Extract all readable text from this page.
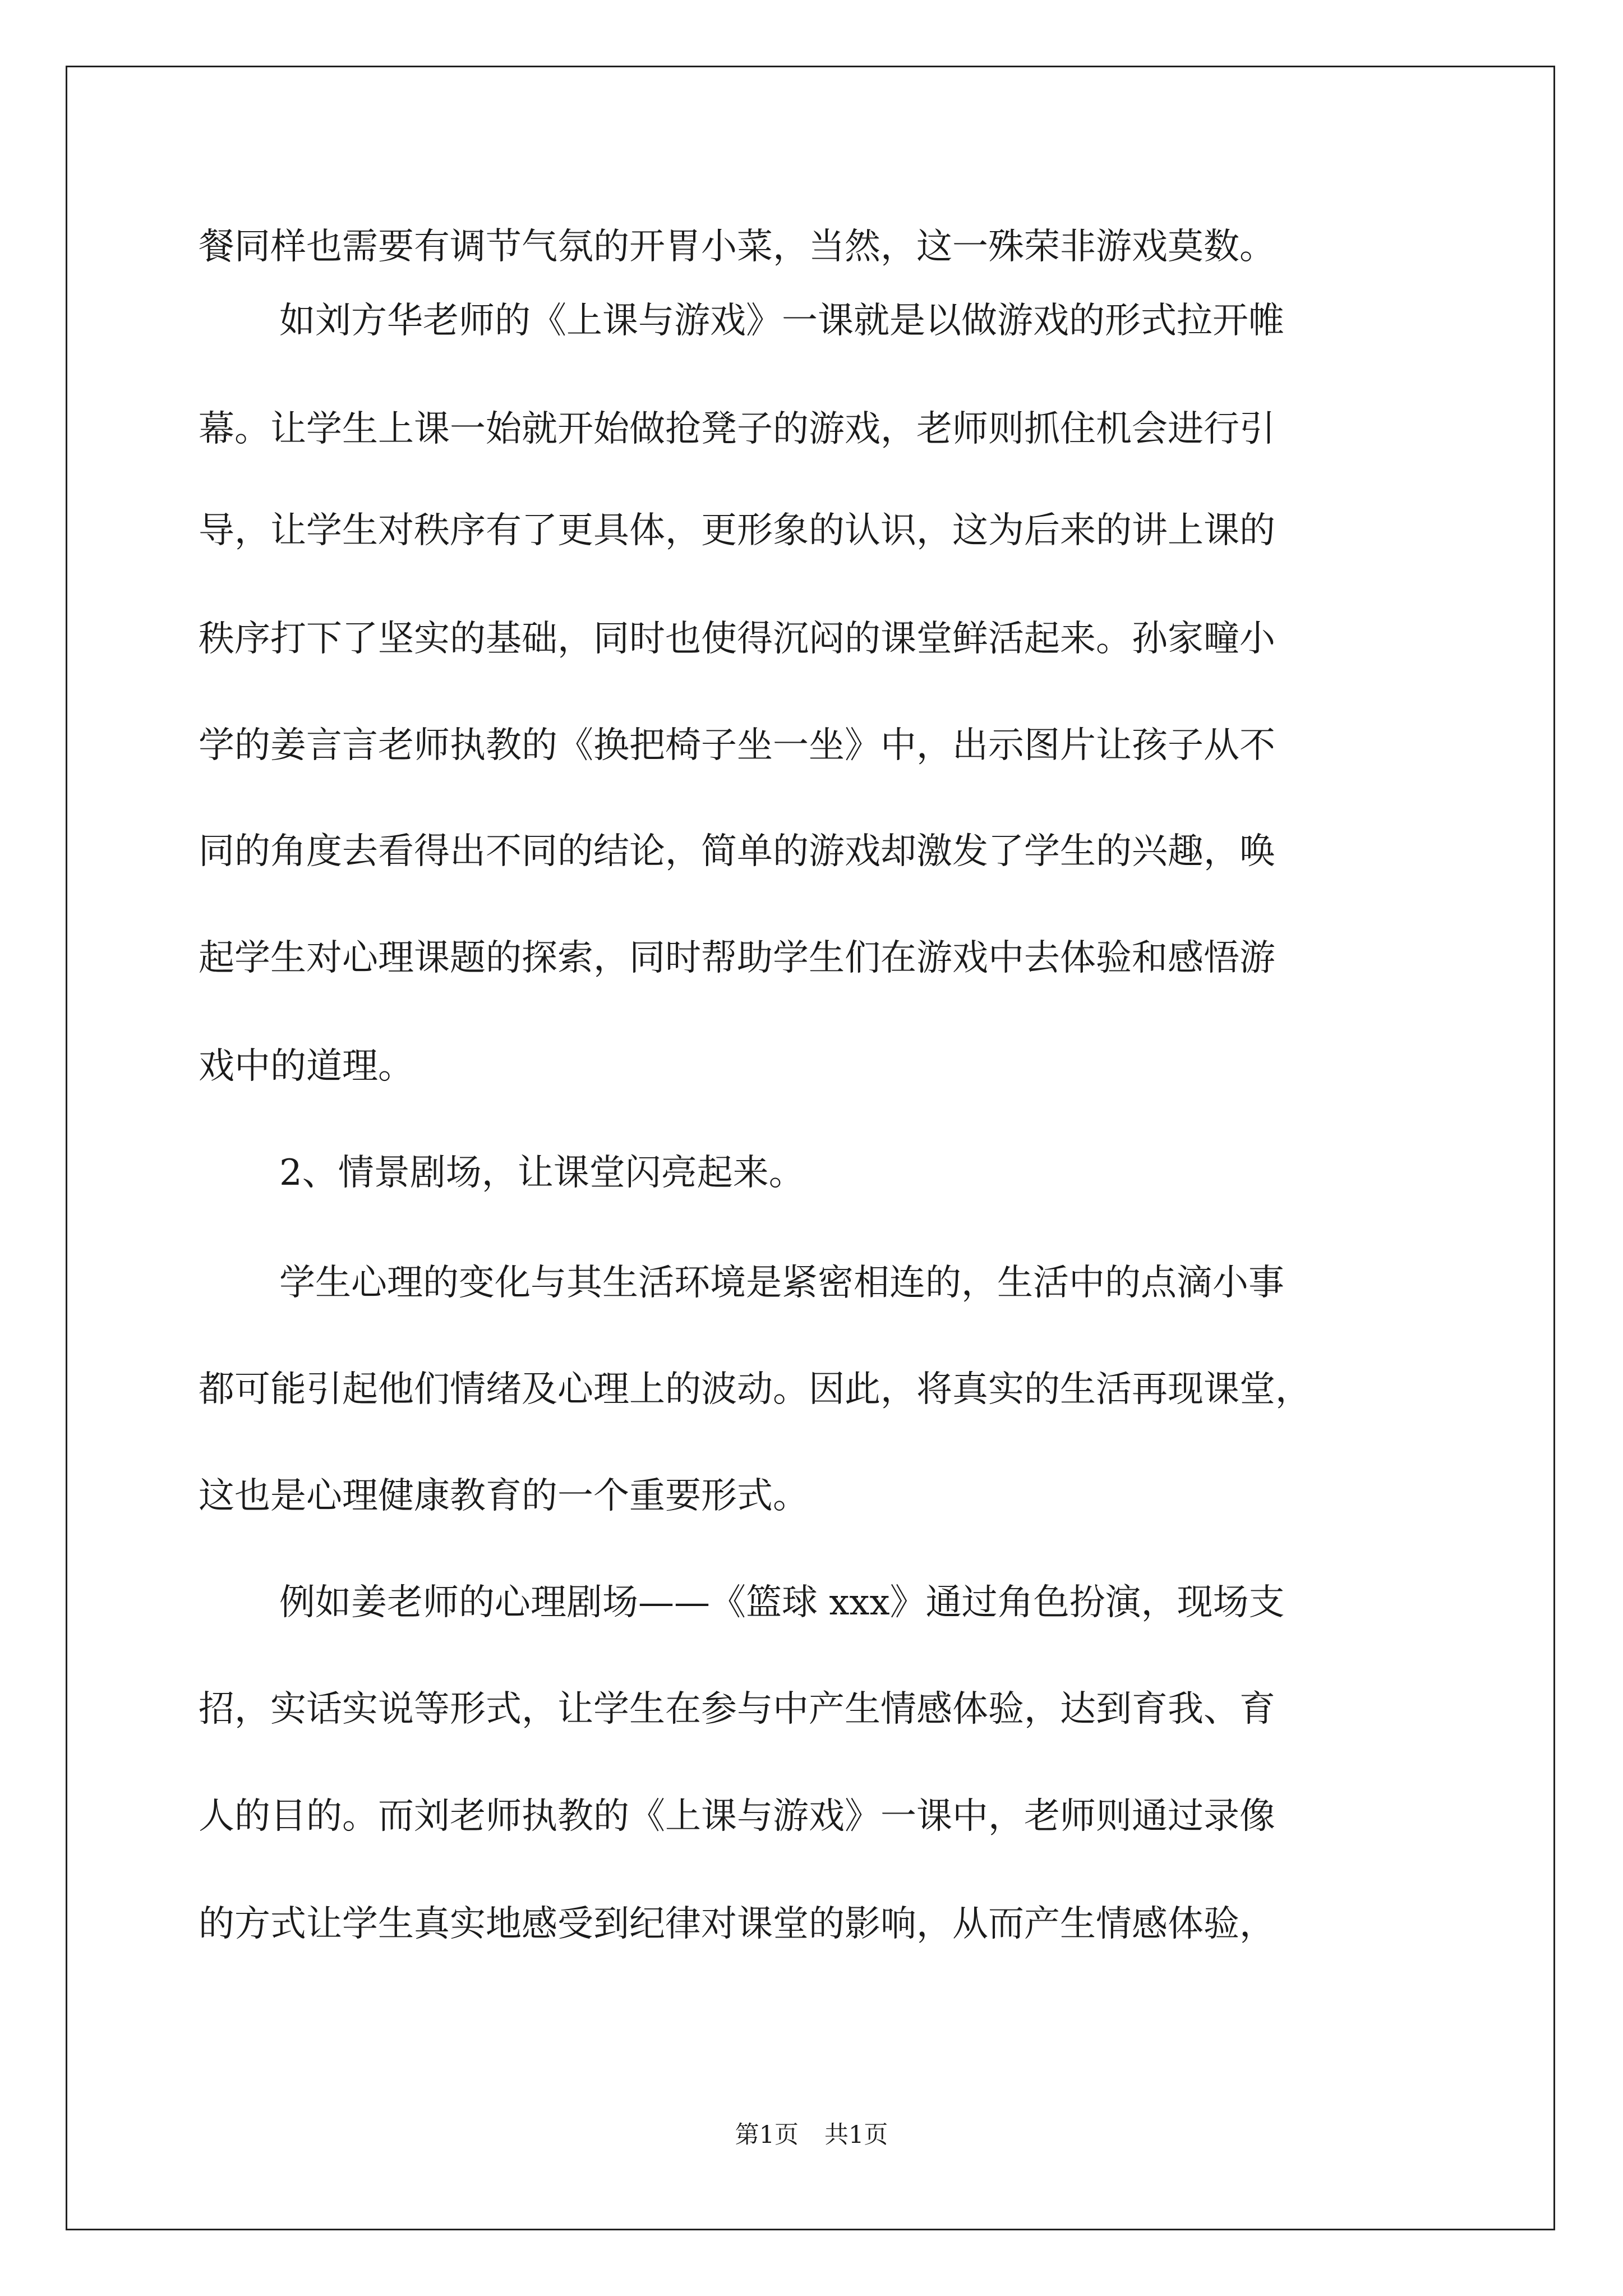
餐同样也需要有调节气氛的开胃小菜，当然，这一殊荣非游戏莫数。
如刘方华老师的《上课与游戏》一课就是以做游戏的形式拉开帷
幕。让学生上课一始就开始做抢凳子的游戏，老师则抓住机会进行引
导，让学生对秩序有了更具体，更形象的认识，这为后来的讲上课的
秩序打下了坚实的基础，同时也使得沉闷的课堂鲜活起来。孙家疃小
学的姜言言老师执教的《换把椅子坐一坐》中，出示图片让孩子从不
同的角度去看得出不同的结论，简单的游戏却激发了学生的兴趣，唤
起学生对心理课题的探索，同时帮助学生们在游戏中去体验和感悟游
戏中的道理。
2、情景剧场，让课堂闪亮起来。
学生心理的变化与其生活环境是紧密相连的，生活中的点滴小事
都可能引起他们情绪及心理上的波动。因此，将真实的生活再现课堂，
这也是心理健康教育的一个重要形式。
例如姜老师的心理剧场——《篮球 xxx》通过角色扮演，现场支
招，实话实说等形式，让学生在参与中产生情感体验，达到育我、育
人的目的。而刘老师执教的《上课与游戏》一课中，老师则通过录像
的方式让学生真实地感受到纪律对课堂的影响，从而产生情感体验，
第1页 共1页
